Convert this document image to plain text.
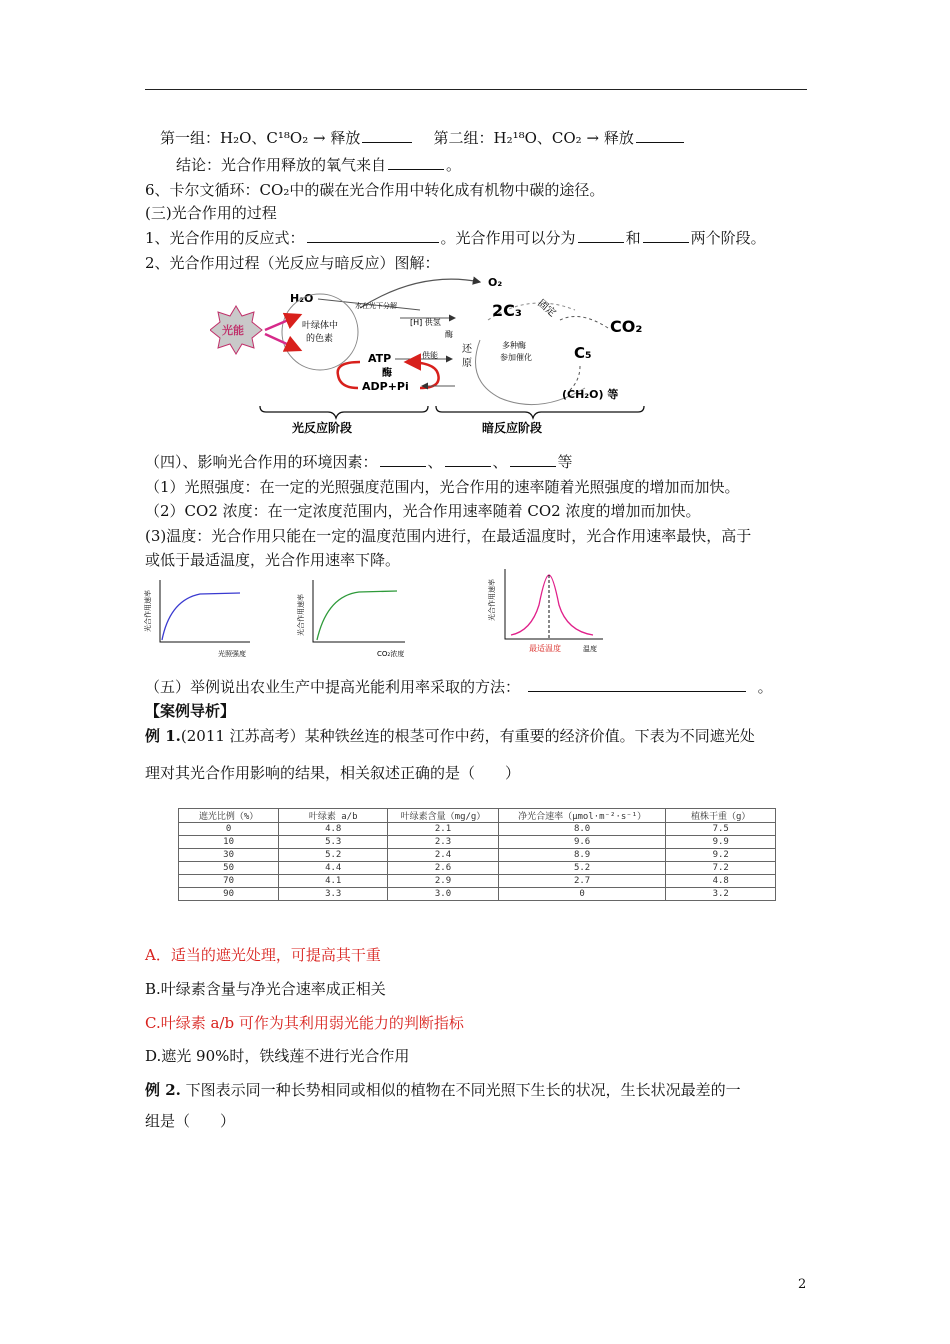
第一组：H₂O、C¹⁸O₂ → 释放	第二组：H₂¹⁸O、CO₂ → 释放
结论：光合作用释放的氧气来自	。
6、卡尔文循环：CO₂中的碳在光合作用中转化成有机物中碳的途径。
(三)光合作用的过程
1、光合作用的反应式：	。光合作用可以分为	和	两个阶段。
2、光合作用过程（光反应与暗反应）图解：
O₂
H₂O
水在光下分解
[H] 供氢
酶
光能	叶绿体中
的色素
ATP	供能
酶
ADP+Pi
2C₃ 固定
CO₂
还
原
多种酶
参加催化	C₅
(CH₂O) 等
光反应阶段	暗反应阶段
（四）、影响光合作用的环境因素：	、	、	等
（1）光照强度：在一定的光照强度范围内，光合作用的速率随着光照强度的增加而加快。
（2）CO2 浓度：在一定浓度范围内，光合作用速率随着 CO2 浓度的增加而加快。
(3)温度：光合作用只能在一定的温度范围内进行，在最适温度时，光合作用速率最快，高于
或低于最适温度，光合作用速率下降。
光合作用速率
光照强度
光合作用速率
CO₂浓度
光合作用速率
最适温度	温度
（五）举例说出农业生产中提高光能利用率采取的方法：	。
【案例导析】
例 1.(2011 江苏高考）某种铁丝连的根茎可作中药，有重要的经济价值。下表为不同遮光处
理对其光合作用影响的结果，相关叙述正确的是（　　）
遮光比例（%）	叶绿素 a/b	叶绿素含量（mg/g）	净光合速率（μmol·m⁻²·s⁻¹）	植株干重（g）
0	4.8	2.1	8.0	7.5
10	5.3	2.3	9.6	9.9
30	5.2	2.4	8.9	9.2
50	4.4	2.6	5.2	7.2
70	4.1	2.9	2.7	4.8
90	3.3	3.0	0	3.2
A．适当的遮光处理，可提高其干重
B.叶绿素含量与净光合速率成正相关
C.叶绿素 a/b 可作为其利用弱光能力的判断指标
D.遮光 90%时，铁线莲不进行光合作用
例 2. 下图表示同一种长势相同或相似的植物在不同光照下生长的状况，生长状况最差的一
组是（　　）
2
